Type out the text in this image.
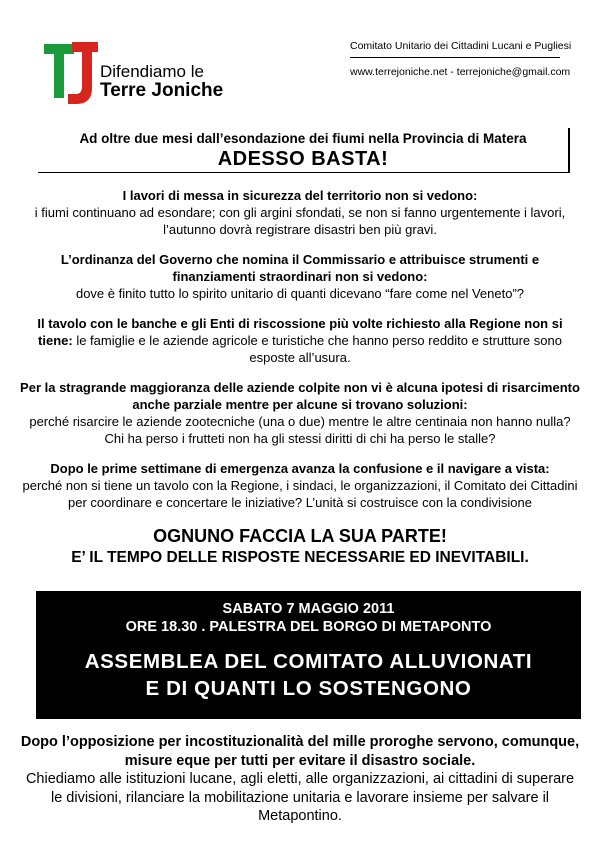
Difendiamo le
Terre Joniche
Comitato Unitario dei Cittadini Lucani e Pugliesi
www.terrejoniche.net - terrejoniche@gmail.com
Ad oltre due mesi dall’esondazione dei fiumi nella Provincia di Matera
ADESSO BASTA!
I lavori di messa in sicurezza del territorio non si vedono:
i fiumi continuano ad esondare; con gli argini sfondati, se non si fanno urgentemente i lavori, l’autunno dovrà registrare disastri ben più gravi.
L’ordinanza del Governo che nomina il Commissario e attribuisce strumenti e finanziamenti straordinari non si vedono:
dove è finito tutto lo spirito unitario di quanti dicevano “fare come nel Veneto”?
Il tavolo con le banche e gli Enti di riscossione più volte richiesto alla Regione non si tiene: le famiglie e le aziende agricole e turistiche che hanno perso reddito e strutture sono esposte all’usura.
Per la stragrande maggioranza delle aziende colpite non vi è alcuna ipotesi di risarcimento anche parziale mentre per alcune si trovano soluzioni:
perché risarcire le aziende zootecniche (una o due) mentre le altre centinaia non hanno nulla? Chi ha perso i frutteti non ha gli stessi diritti di chi ha perso le stalle?
Dopo le prime settimane di emergenza avanza la confusione e il navigare a vista:
perché non si tiene un tavolo con la Regione, i sindaci, le organizzazioni, il Comitato dei Cittadini per coordinare e concertare le iniziative? L’unità si costruisce con la condivisione
OGNUNO FACCIA LA SUA PARTE!
E’ IL TEMPO DELLE RISPOSTE NECESSARIE ED INEVITABILI.
SABATO 7 MAGGIO 2011
ORE 18.30 . PALESTRA DEL BORGO DI METAPONTO
ASSEMBLEA DEL COMITATO ALLUVIONATI
E DI QUANTI LO SOSTENGONO
Dopo l’opposizione per incostituzionalità del mille proroghe servono, comunque, misure eque per tutti per evitare il disastro sociale.
Chiediamo alle istituzioni lucane, agli eletti, alle organizzazioni, ai cittadini di superare le divisioni, rilanciare la mobilitazione unitaria e lavorare insieme per salvare il Metapontino.
